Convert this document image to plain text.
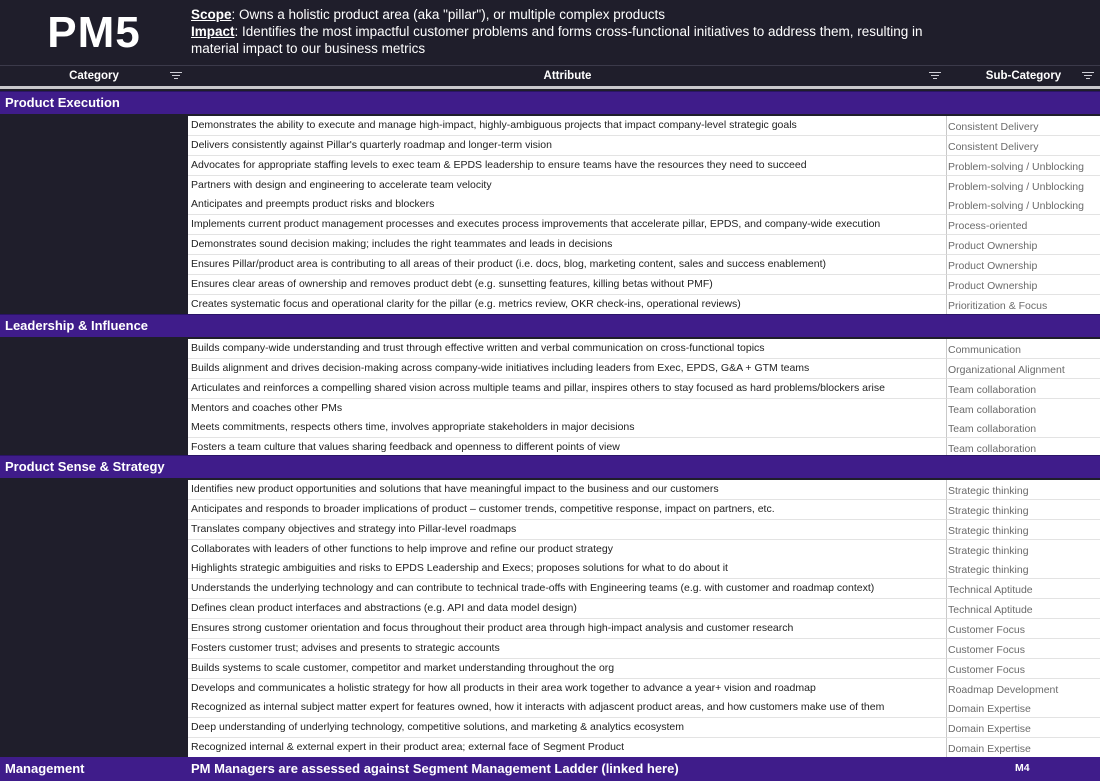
PM5	Scope: Owns a holistic product area (aka "pillar"), or multiple complex products
Impact: Identifies the most impactful customer problems and forms cross-functional initiatives to address them, resulting in material impact to our business metrics
Category	Attribute	Sub-Category
Product Execution
Demonstrates the ability to execute and manage high-impact, highly-ambiguous projects that impact company-level strategic goals	Consistent Delivery
Delivers consistently against Pillar's quarterly roadmap and longer-term vision	Consistent Delivery
Advocates for appropriate staffing levels to exec team & EPDS leadership to ensure teams have the resources they need to succeed	Problem-solving / Unblocking
Partners with design and engineering to accelerate team velocity	Problem-solving / Unblocking
Anticipates and preempts product risks and blockers	Problem-solving / Unblocking
Implements current product management processes and executes process improvements that accelerate pillar, EPDS, and company-wide execution	Process-oriented
Demonstrates sound decision making; includes the right teammates and leads in decisions	Product Ownership
Ensures Pillar/product area is contributing to all areas of their product (i.e. docs, blog, marketing content, sales and success enablement)	Product Ownership
Ensures clear areas of ownership and removes product debt (e.g. sunsetting features, killing betas without PMF)	Product Ownership
Creates systematic focus and operational clarity for the pillar (e.g. metrics review, OKR check-ins, operational reviews)	Prioritization & Focus
Leadership & Influence
Builds company-wide understanding and trust through effective written and verbal communication on cross-functional topics	Communication
Builds alignment and drives decision-making across company-wide initiatives including leaders from Exec, EPDS, G&A + GTM teams	Organizational Alignment
Articulates and reinforces a compelling shared vision across multiple teams and pillar, inspires others to stay focused as hard problems/blockers arise	Team collaboration
Mentors and coaches other PMs	Team collaboration
Meets commitments, respects others time, involves appropriate stakeholders in major decisions	Team collaboration
Fosters a team culture that values sharing feedback and openness to different points of view	Team collaboration
Product Sense & Strategy
Identifies new product opportunities and solutions that have meaningful impact to the business and our customers	Strategic thinking
Anticipates and responds to broader implications of product – customer trends, competitive response, impact on partners, etc.	Strategic thinking
Translates company objectives and strategy into Pillar-level roadmaps	Strategic thinking
Collaborates with leaders of other functions to help improve and refine our product strategy	Strategic thinking
Highlights strategic ambiguities and risks to EPDS Leadership and Execs; proposes solutions for what to do about it	Strategic thinking
Understands the underlying technology and can contribute to technical trade-offs with Engineering teams (e.g. with customer and roadmap context)	Technical Aptitude
Defines clean product interfaces and abstractions (e.g. API and data model design)	Technical Aptitude
Ensures strong customer orientation and focus throughout their product area through high-impact analysis and customer research	Customer Focus
Fosters customer trust; advises and presents to strategic accounts	Customer Focus
Builds systems to scale customer, competitor and market understanding throughout the org	Customer Focus
Develops and communicates a holistic strategy for how all products in their area work together to advance a year+ vision and roadmap	Roadmap Development
Recognized as internal subject matter expert for features owned, how it interacts with adjascent product areas, and how customers make use of them	Domain Expertise
Deep understanding of underlying technology, competitive solutions, and marketing & analytics ecosystem	Domain Expertise
Recognized internal & external expert in their product area; external face of Segment Product	Domain Expertise
Management	PM Managers are assessed against Segment Management Ladder (linked here)	M4
